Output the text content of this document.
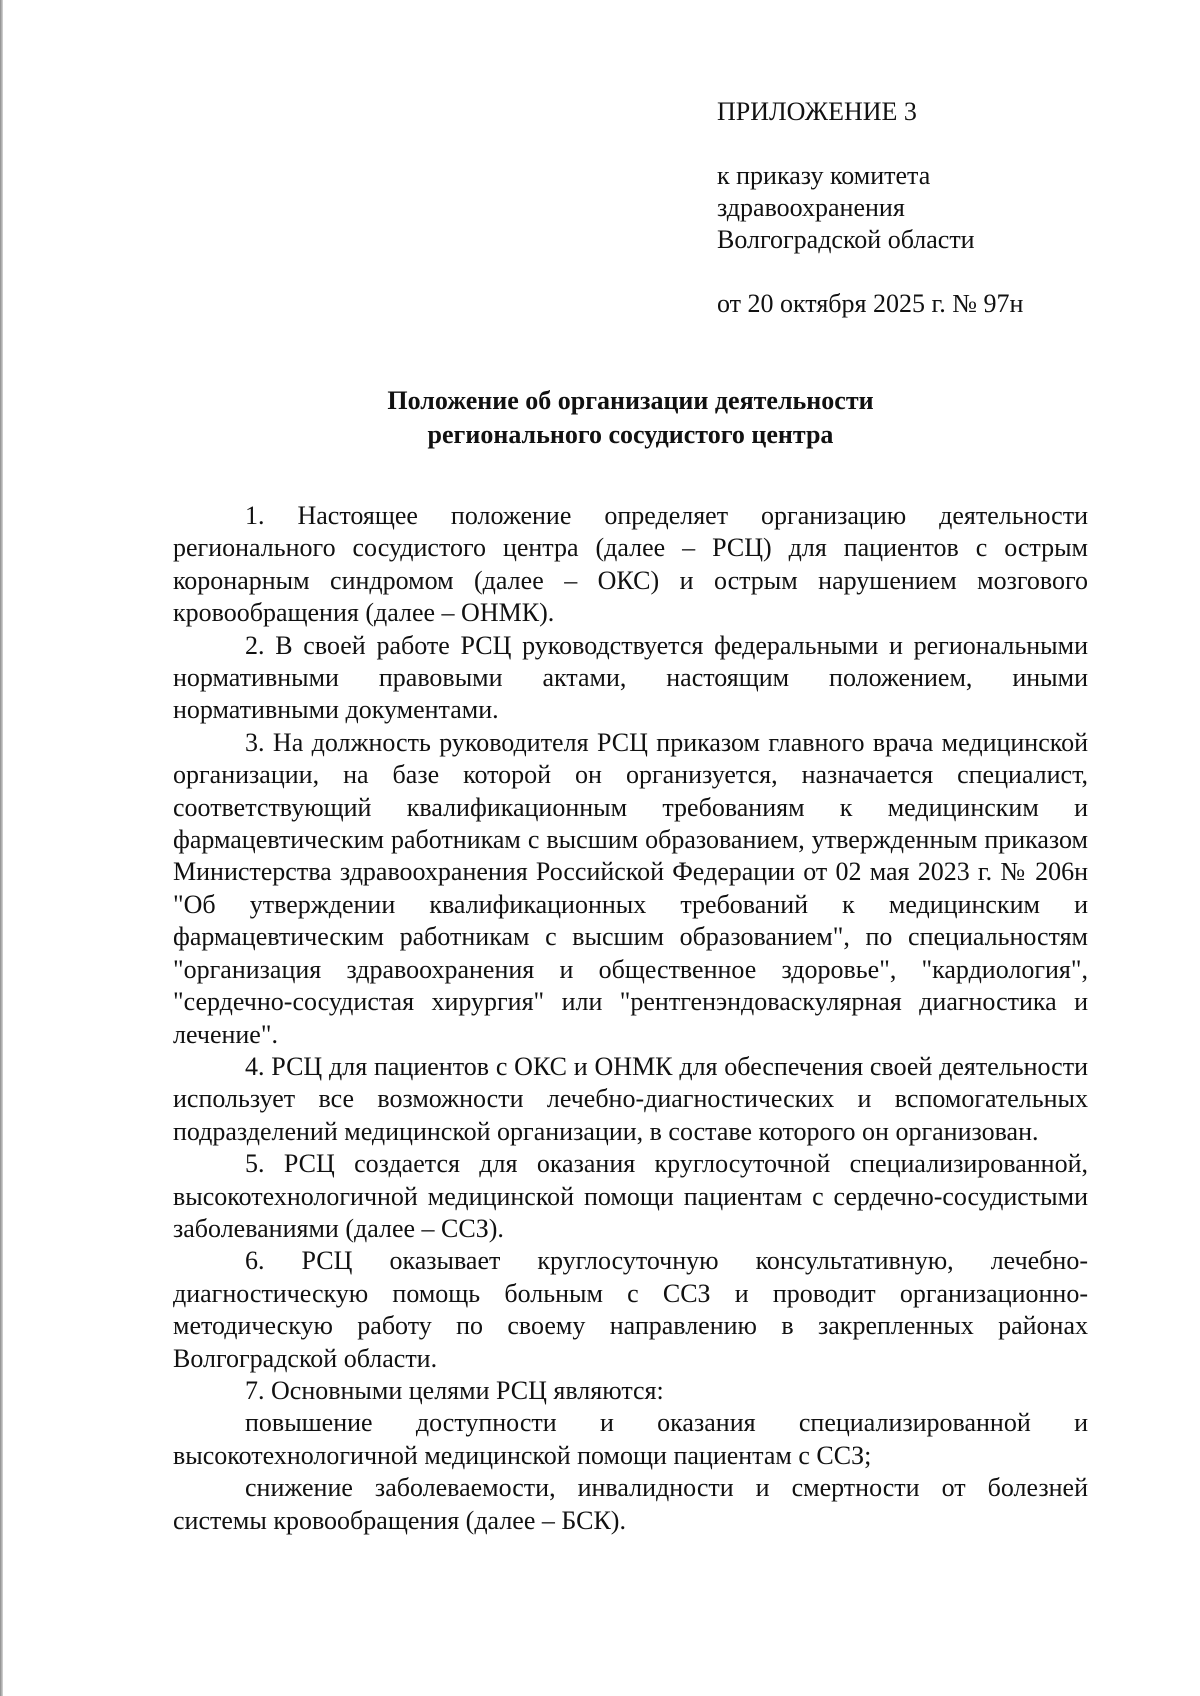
ПРИЛОЖЕНИЕ 3
к приказу комитета
здравоохранения
Волгоградской области
от 20 октября 2025 г. № 97н
Положение об организации деятельности
регионального сосудистого центра

1. Настоящее положение определяет организацию деятельности регионального сосудистого центра (далее – РСЦ) для пациентов с острым коронарным синдромом (далее – ОКС) и острым нарушением мозгового кровообращения (далее – ОНМК).

2. В своей работе РСЦ руководствуется федеральными и региональными нормативными правовыми актами, настоящим положением, иными нормативными документами.

3. На должность руководителя РСЦ приказом главного врача медицинской организации, на базе которой он организуется, назначается специалист, соответствующий квалификационным требованиям к медицинским и фармацевтическим работникам с высшим образованием, утвержденным приказом Министерства здравоохранения Российской Федерации от 02 мая 2023 г. № 206н "Об утверждении квалификационных требований к медицинским и фармацевтическим работникам с высшим образованием", по специальностям "организация здравоохранения и общественное здоровье", "кардиология", "сердечно-сосудистая хирургия" или "рентгенэндоваскулярная диагностика и лечение".

4. РСЦ для пациентов с ОКС и ОНМК для обеспечения своей деятельности использует все возможности лечебно-диагностических и вспомогательных подразделений медицинской организации, в составе которого он организован.

5. РСЦ создается для оказания круглосуточной специализированной, высокотехнологичной медицинской помощи пациентам с сердечно-сосудистыми заболеваниями (далее – ССЗ).

6. РСЦ оказывает круглосуточную консультативную, лечебно-диагностическую помощь больным с ССЗ и проводит организационно-методическую работу по своему направлению в закрепленных районах Волгоградской области.

7. Основными целями РСЦ являются:

повышение доступности и оказания специализированной и высокотехнологичной медицинской помощи пациентам с ССЗ;

снижение заболеваемости, инвалидности и смертности от болезней системы кровообращения (далее – БСК).
